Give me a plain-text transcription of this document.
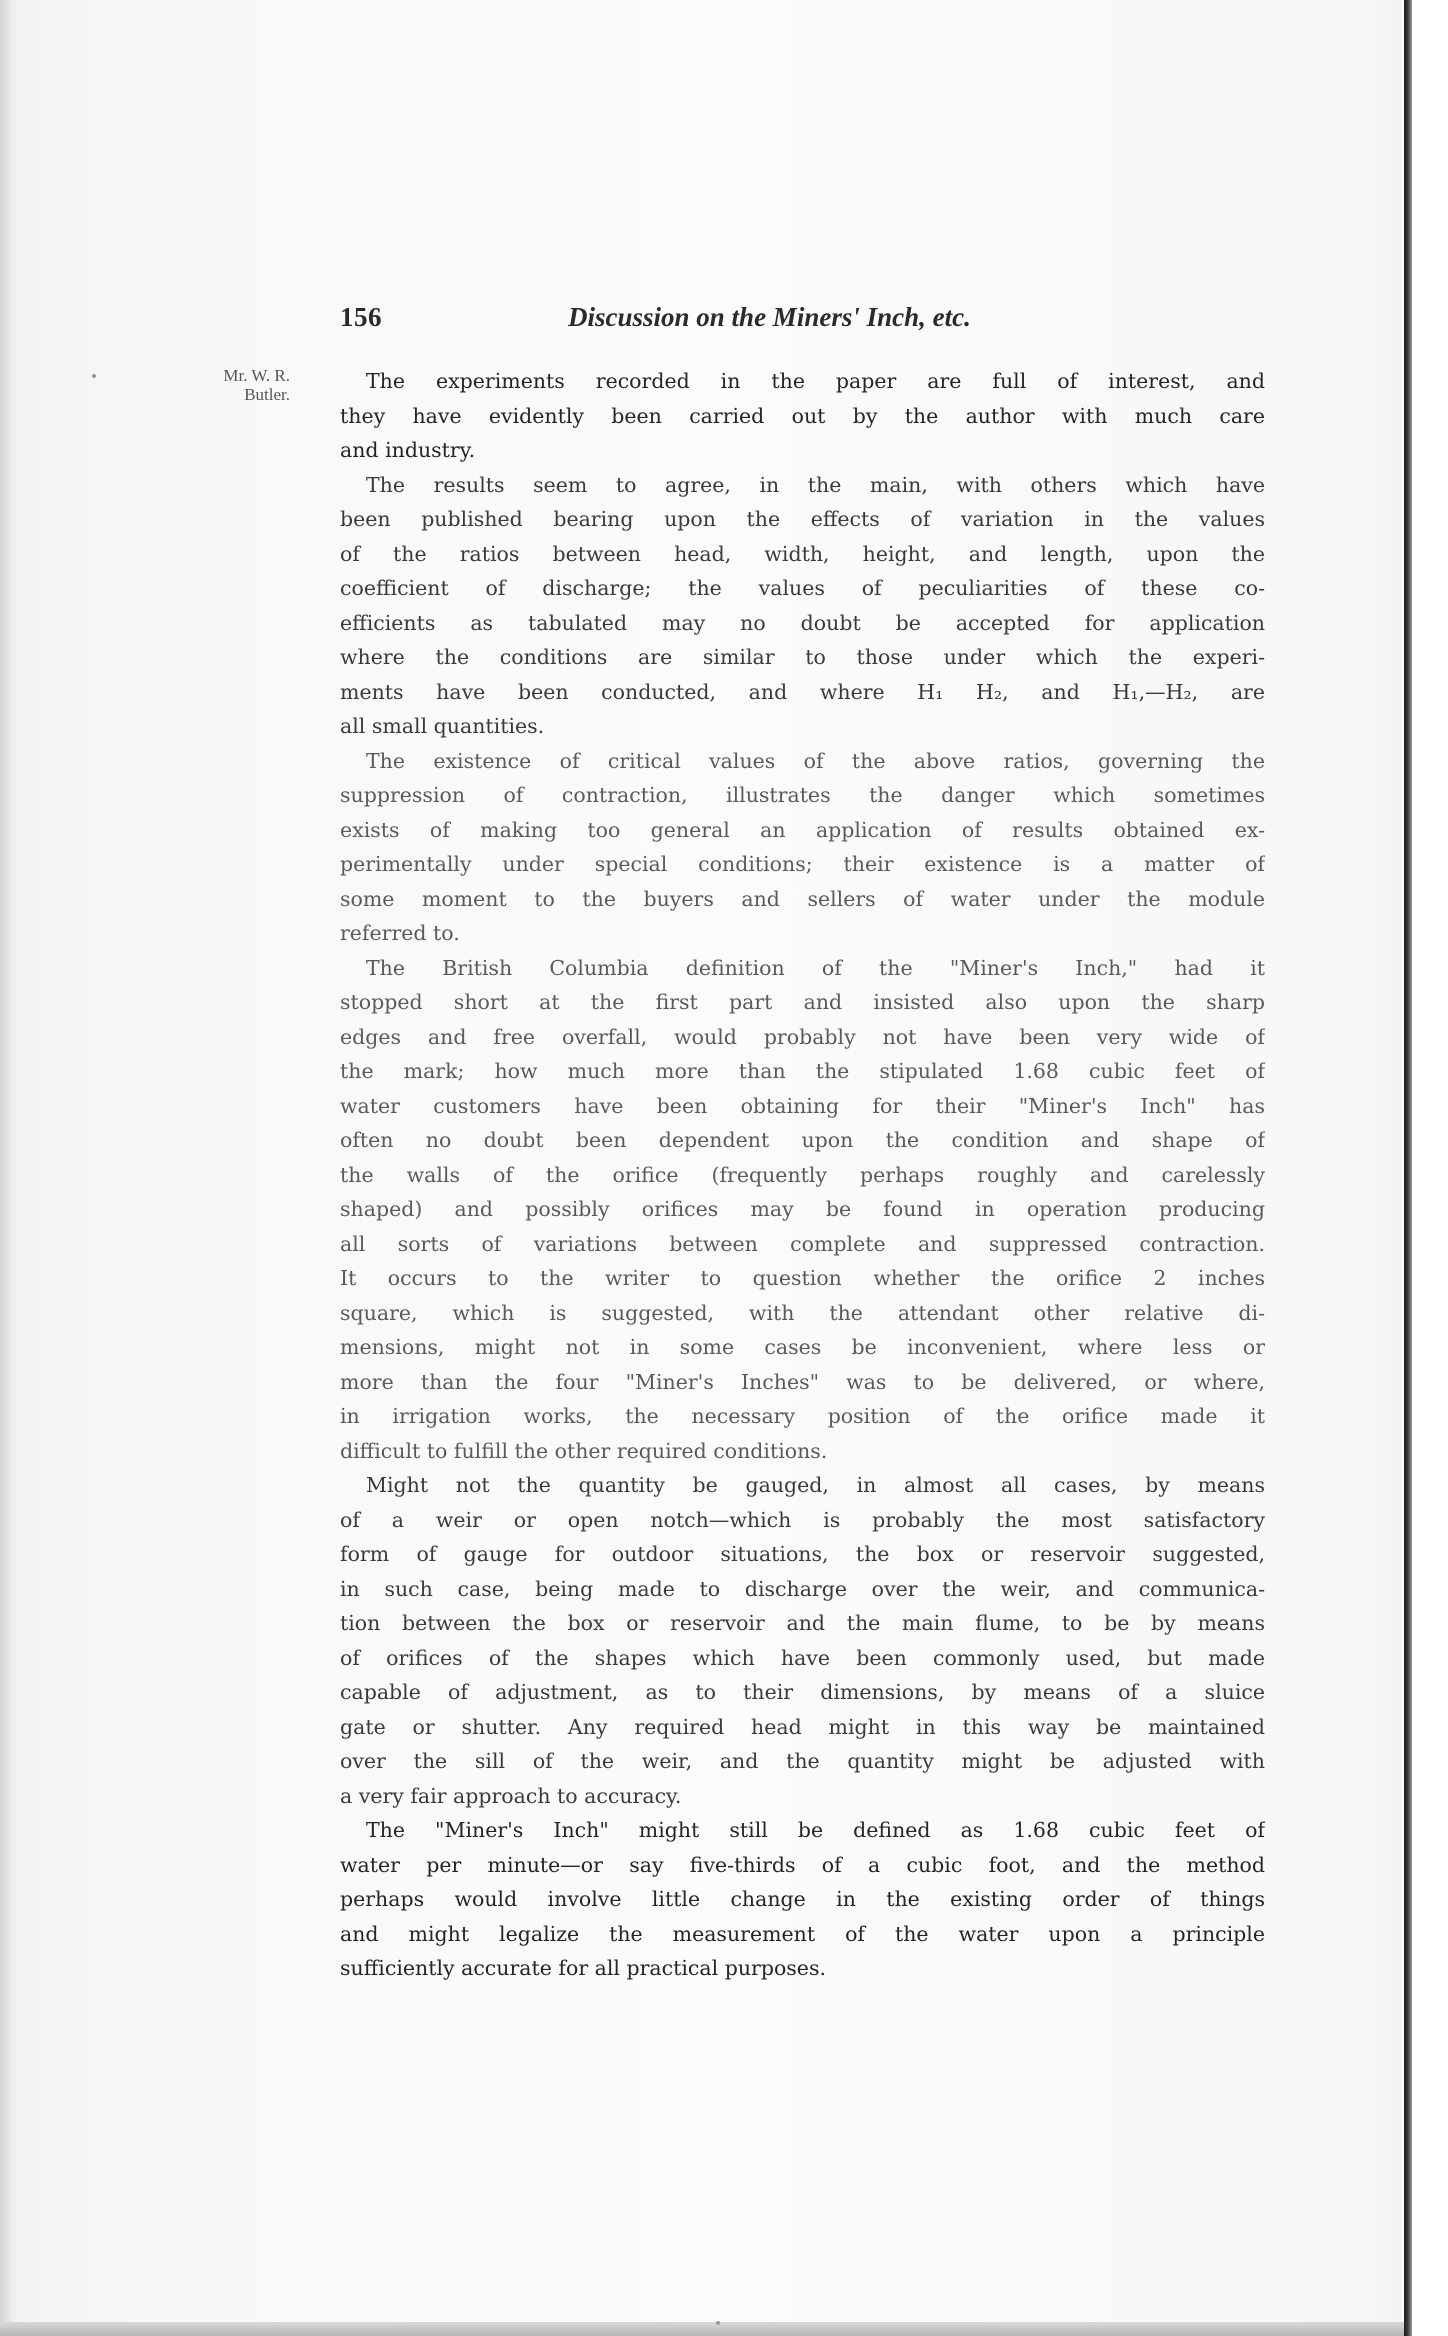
156	Discussion on the Miners' Inch, etc.
Mr. W. R.
Butler.
The experiments recorded in the paper are full of interest, and
they have evidently been carried out by the author with much care
and industry.
The results seem to agree, in the main, with others which have
been published bearing upon the effects of variation in the values
of the ratios between head, width, height, and length, upon the
coefficient of discharge; the values of peculiarities of these co-
efficients as tabulated may no doubt be accepted for application
where the conditions are similar to those under which the experi-
ments have been conducted, and where H₁ H₂, and H₁,—H₂, are
all small quantities.
The existence of critical values of the above ratios, governing the
suppression of contraction, illustrates the danger which sometimes
exists of making too general an application of results obtained ex-
perimentally under special conditions; their existence is a matter of
some moment to the buyers and sellers of water under the module
referred to.
The British Columbia definition of the "Miner's Inch," had it
stopped short at the first part and insisted also upon the sharp
edges and free overfall, would probably not have been very wide of
the mark; how much more than the stipulated 1.68 cubic feet of
water customers have been obtaining for their "Miner's Inch" has
often no doubt been dependent upon the condition and shape of
the walls of the orifice (frequently perhaps roughly and carelessly
shaped) and possibly orifices may be found in operation producing
all sorts of variations between complete and suppressed contraction.
It occurs to the writer to question whether the orifice 2 inches
square, which is suggested, with the attendant other relative di-
mensions, might not in some cases be inconvenient, where less or
more than the four "Miner's Inches" was to be delivered, or where,
in irrigation works, the necessary position of the orifice made it
difficult to fulfill the other required conditions.
Might not the quantity be gauged, in almost all cases, by means
of a weir or open notch—which is probably the most satisfactory
form of gauge for outdoor situations, the box or reservoir suggested,
in such case, being made to discharge over the weir, and communica-
tion between the box or reservoir and the main flume, to be by means
of orifices of the shapes which have been commonly used, but made
capable of adjustment, as to their dimensions, by means of a sluice
gate or shutter. Any required head might in this way be maintained
over the sill of the weir, and the quantity might be adjusted with
a very fair approach to accuracy.
The "Miner's Inch" might still be defined as 1.68 cubic feet of
water per minute—or say five-thirds of a cubic foot, and the method
perhaps would involve little change in the existing order of things
and might legalize the measurement of the water upon a principle
sufficiently accurate for all practical purposes.
